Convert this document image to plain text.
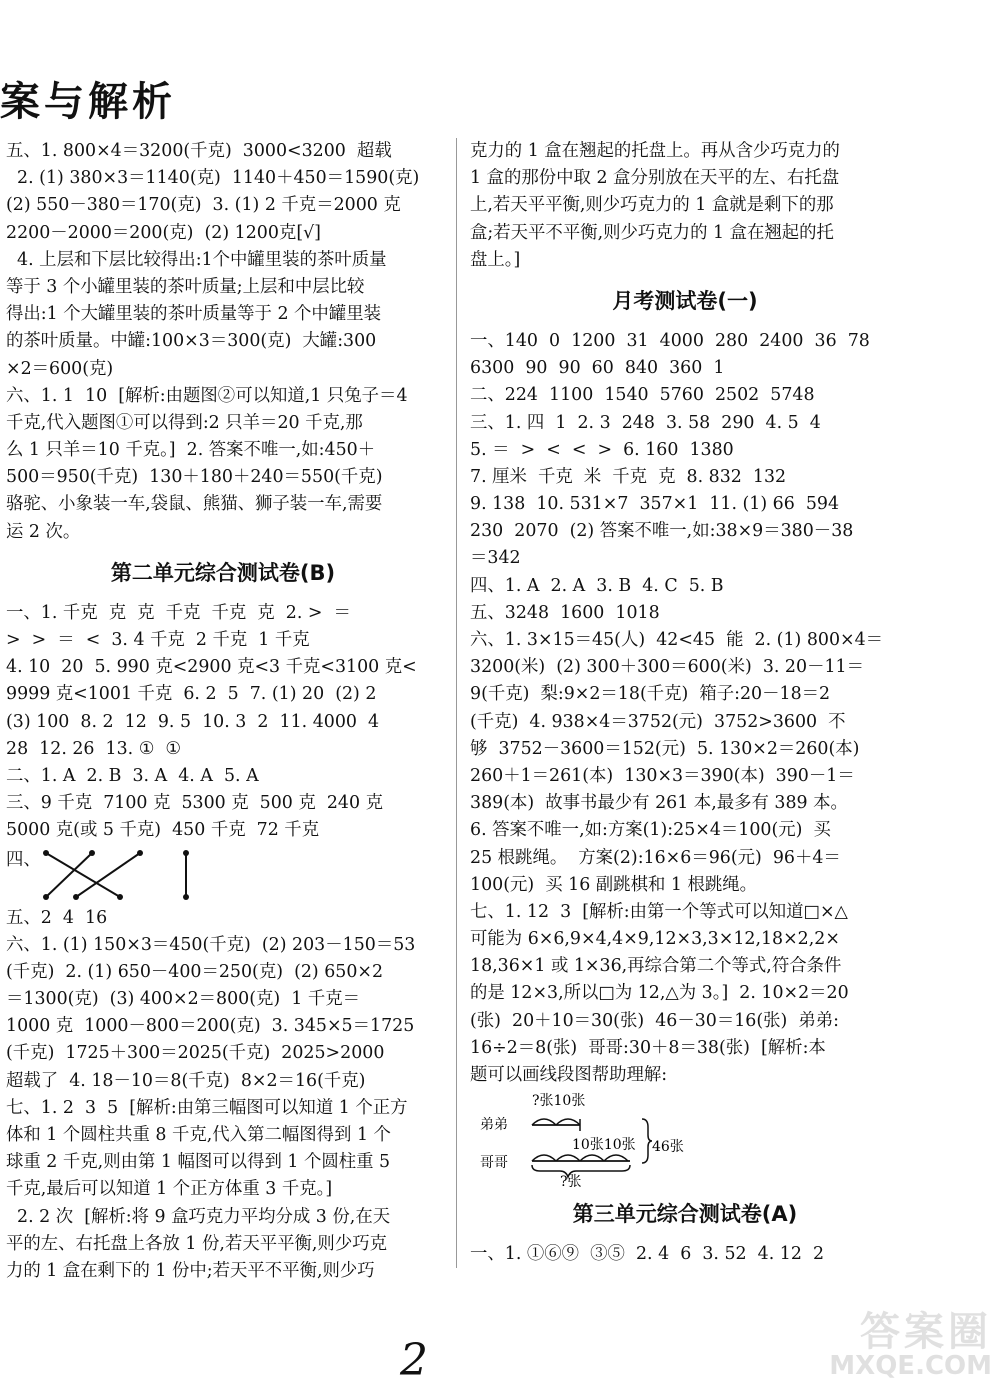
案与解析
五、1. 800×4＝3200(千克)  3000<3200  超载
2. (1) 380×3＝1140(克)  1140＋450＝1590(克)
(2) 550－380＝170(克)  3. (1) 2 千克＝2000 克
2200－2000＝200(克)  (2) 1200克[√]
4. 上层和下层比较得出:1个中罐里装的茶叶质量
等于 3 个小罐里装的茶叶质量;上层和中层比较
得出:1 个大罐里装的茶叶质量等于 2 个中罐里装
的茶叶质量。中罐:100×3＝300(克)  大罐:300
×2＝600(克)
六、1. 1  10  [解析:由题图②可以知道,1 只兔子＝4
千克,代入题图①可以得到:2 只羊＝20 千克,那
么 1 只羊＝10 千克。]  2. 答案不唯一,如:450＋
500＝950(千克)  130＋180＋240＝550(千克)
骆驼、小象装一车,袋鼠、熊猫、狮子装一车,需要
运 2 次。
第二单元综合测试卷(B)
一、1. 千克  克  克  千克  千克  克  2. >  ＝
>  >  ＝  <  3. 4 千克  2 千克  1 千克
4. 10  20  5. 990 克<2900 克<3 千克<3100 克<
9999 克<1001 千克  6. 2  5  7. (1) 20  (2) 2
(3) 100  8. 2  12  9. 5  10. 3  2  11. 4000  4
28  12. 26  13. ①  ①
二、1. A  2. B  3. A  4. A  5. A
三、9 千克  7100 克  5300 克  500 克  240 克
5000 克(或 5 千克)  450 千克  72 千克
四、
五、2  4  16
六、1. (1) 150×3＝450(千克)  (2) 203－150＝53
(千克)  2. (1) 650－400＝250(克)  (2) 650×2
＝1300(克)  (3) 400×2＝800(克)  1 千克＝
1000 克  1000－800＝200(克)  3. 345×5＝1725
(千克)  1725＋300＝2025(千克)  2025>2000
超载了  4. 18－10＝8(千克)  8×2＝16(千克)
七、1. 2  3  5  [解析:由第三幅图可以知道 1 个正方
体和 1 个圆柱共重 8 千克,代入第二幅图得到 1 个
球重 2 千克,则由第 1 幅图可以得到 1 个圆柱重 5
千克,最后可以知道 1 个正方体重 3 千克。]
2. 2 次  [解析:将 9 盒巧克力平均分成 3 份,在天
平的左、右托盘上各放 1 份,若天平平衡,则少巧克
力的 1 盒在剩下的 1 份中;若天平不平衡,则少巧
克力的 1 盒在翘起的托盘上。再从含少巧克力的
1 盒的那份中取 2 盒分别放在天平的左、右托盘
上,若天平平衡,则少巧克力的 1 盒就是剩下的那
盒;若天平不平衡,则少巧克力的 1 盒在翘起的托
盘上。]
月考测试卷(一)
一、140  0  1200  31  4000  280  2400  36  78
6300  90  90  60  840  360  1
二、224  1100  1540  5760  2502  5748
三、1. 四  1  2. 3  248  3. 58  290  4. 5  4
5. ＝  >  <  <  >  6. 160  1380
7. 厘米  千克  米  千克  克  8. 832  132
9. 138  10. 531×7  357×1  11. (1) 66  594
230  2070  (2) 答案不唯一,如:38×9＝380－38
＝342
四、1. A  2. A  3. B  4. C  5. B
五、3248  1600  1018
六、1. 3×15＝45(人)  42<45  能  2. (1) 800×4＝
3200(米)  (2) 300＋300＝600(米)  3. 20－11＝
9(千克)  梨:9×2＝18(千克)  箱子:20－18＝2
(千克)  4. 938×4＝3752(元)  3752>3600  不
够  3752－3600＝152(元)  5. 130×2＝260(本)
260＋1＝261(本)  130×3＝390(本)  390－1＝
389(本)  故事书最少有 261 本,最多有 389 本。
6. 答案不唯一,如:方案(1):25×4＝100(元)  买
25 根跳绳。  方案(2):16×6＝96(元)  96＋4＝
100(元)  买 16 副跳棋和 1 根跳绳。
七、1. 12  3  [解析:由第一个等式可以知道□×△
可能为 6×6,9×4,4×9,12×3,3×12,18×2,2×
18,36×1 或 1×36,再综合第二个等式,符合条件
的是 12×3,所以□为 12,△为 3。]  2. 10×2＝20
(张)  20＋10＝30(张)  46－30＝16(张)  弟弟:
16÷2＝8(张)  哥哥:30＋8＝38(张)  [解析:本
题可以画线段图帮助理解:
?张10张
弟弟
10张10张 46张
哥哥
?张
第三单元综合测试卷(A)
一、1. ①⑥⑨  ③⑤  2. 4  6  3. 52  4. 12  2
2
答案圈
MXQE.COM
